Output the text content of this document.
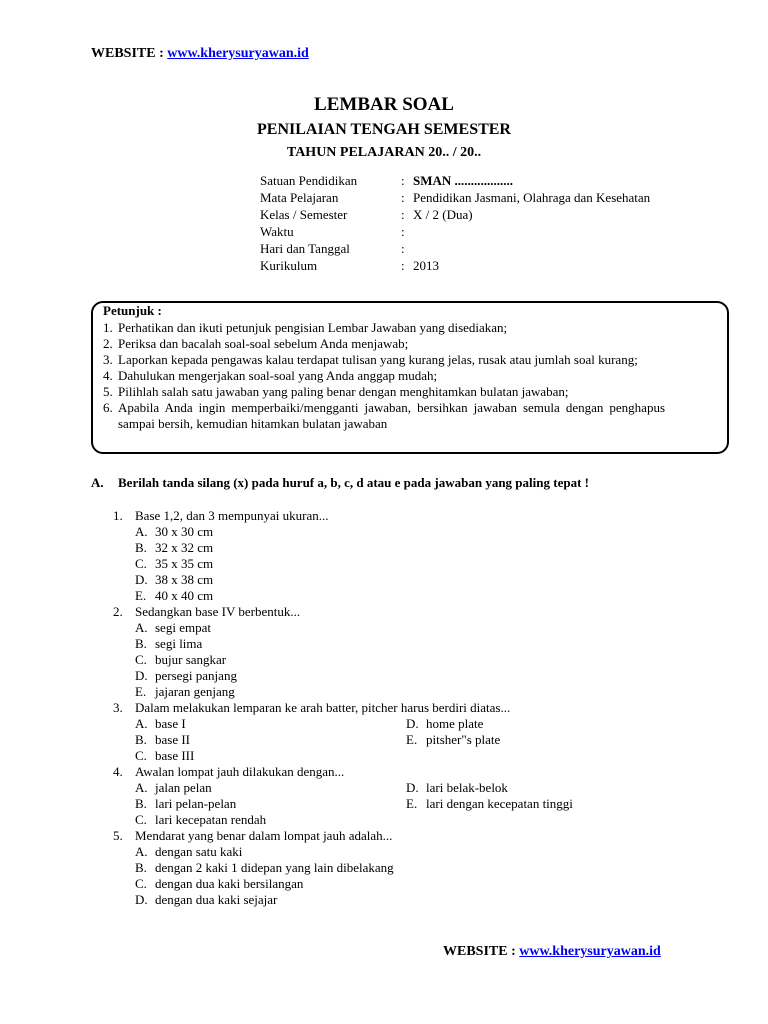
WEBSITE : www.kherysuryawan.id
LEMBAR SOAL
PENILAIAN TENGAH SEMESTER
TAHUN PELAJARAN 20.. / 20..
Satuan Pendidikan	: SMAN ..................
Mata Pelajaran	: Pendidikan Jasmani, Olahraga dan Kesehatan
Kelas / Semester	: X / 2 (Dua)
Waktu	:
Hari dan Tanggal	:
Kurikulum	: 2013
Petunjuk :
1. Perhatikan dan ikuti petunjuk pengisian Lembar Jawaban yang disediakan;
2. Periksa dan bacalah soal-soal sebelum Anda menjawab;
3. Laporkan kepada pengawas kalau terdapat tulisan yang kurang jelas, rusak atau jumlah soal kurang;
4. Dahulukan mengerjakan soal-soal yang Anda anggap mudah;
5. Pilihlah salah satu jawaban yang paling benar dengan menghitamkan bulatan jawaban;
6. Apabila Anda ingin memperbaiki/mengganti jawaban, bersihkan jawaban semula dengan penghapus sampai bersih, kemudian hitamkan bulatan jawaban
A. Berilah tanda silang (x) pada huruf a, b, c, d atau e pada jawaban yang paling tepat !
1. Base 1,2, dan 3 mempunyai ukuran...
A. 30 x 30 cm
B. 32 x 32 cm
C. 35 x 35 cm
D. 38 x 38 cm
E. 40 x 40 cm
2. Sedangkan base IV berbentuk...
A. segi empat
B. segi lima
C. bujur sangkar
D. persegi panjang
E. jajaran genjang
3. Dalam melakukan lemparan ke arah batter, pitcher harus berdiri diatas...
A. base I	D. home plate
B. base II	E. pitsher"s plate
C. base III
4. Awalan lompat jauh dilakukan dengan...
A. jalan pelan	D. lari belak-belok
B. lari pelan-pelan	E. lari dengan kecepatan tinggi
C. lari kecepatan rendah
5. Mendarat yang benar dalam lompat jauh adalah...
A. dengan satu kaki
B. dengan 2 kaki 1 didepan yang lain dibelakang
C. dengan dua kaki bersilangan
D. dengan dua kaki sejajar
WEBSITE : www.kherysuryawan.id
